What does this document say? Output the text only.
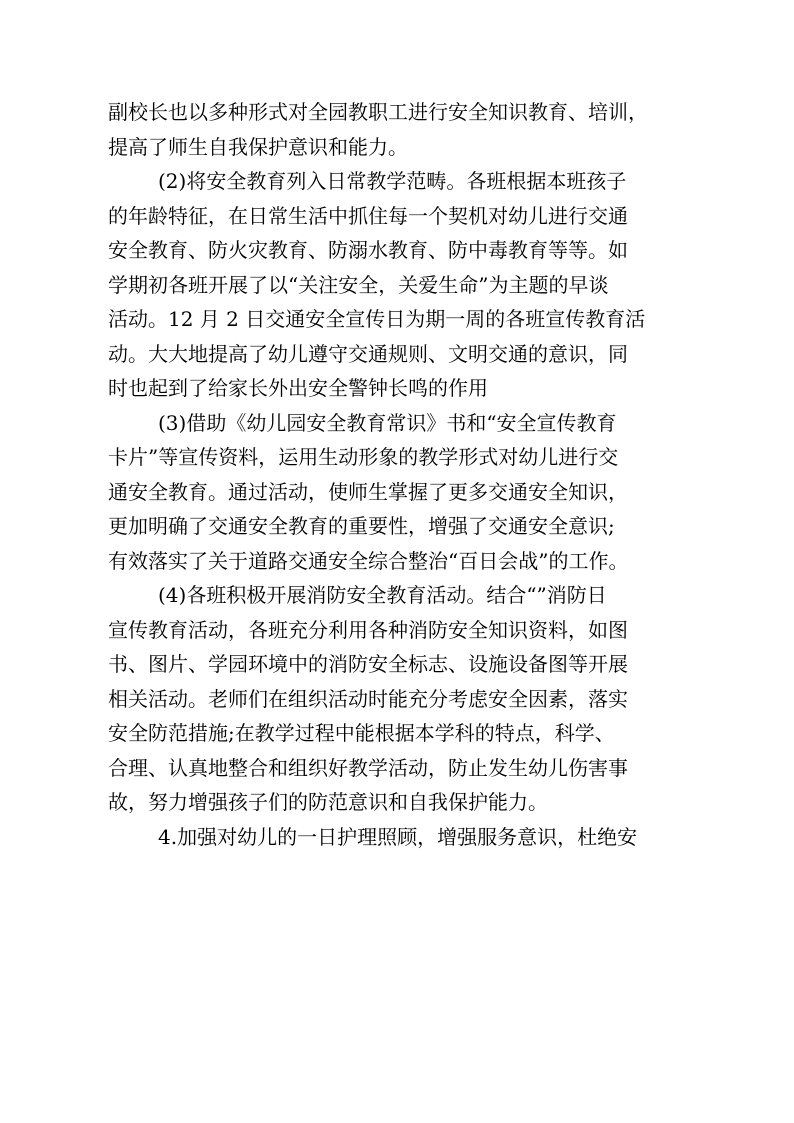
副校长也以多种形式对全园教职工进行安全知识教育、培训，
提高了师生自我保护意识和能力。
(2)将安全教育列入日常教学范畴。各班根据本班孩子
的年龄特征，在日常生活中抓住每一个契机对幼儿进行交通
安全教育、防火灾教育、防溺水教育、防中毒教育等等。如
学期初各班开展了以“关注安全，关爱生命”为主题的早谈
活动。12 月 2 日交通安全宣传日为期一周的各班宣传教育活
动。大大地提高了幼儿遵守交通规则、文明交通的意识，同
时也起到了给家长外出安全警钟长鸣的作用
(3)借助《幼儿园安全教育常识》书和“安全宣传教育
卡片”等宣传资料，运用生动形象的教学形式对幼儿进行交
通安全教育。通过活动，使师生掌握了更多交通安全知识，
更加明确了交通安全教育的重要性，增强了交通安全意识;
有效落实了关于道路交通安全综合整治“百日会战”的工作。
(4)各班积极开展消防安全教育活动。结合“”消防日
宣传教育活动，各班充分利用各种消防安全知识资料，如图
书、图片、学园环境中的消防安全标志、设施设备图等开展
相关活动。老师们在组织活动时能充分考虑安全因素，落实
安全防范措施;在教学过程中能根据本学科的特点，科学、
合理、认真地整合和组织好教学活动，防止发生幼儿伤害事
故，努力增强孩子们的防范意识和自我保护能力。
4.加强对幼儿的一日护理照顾，增强服务意识，杜绝安
